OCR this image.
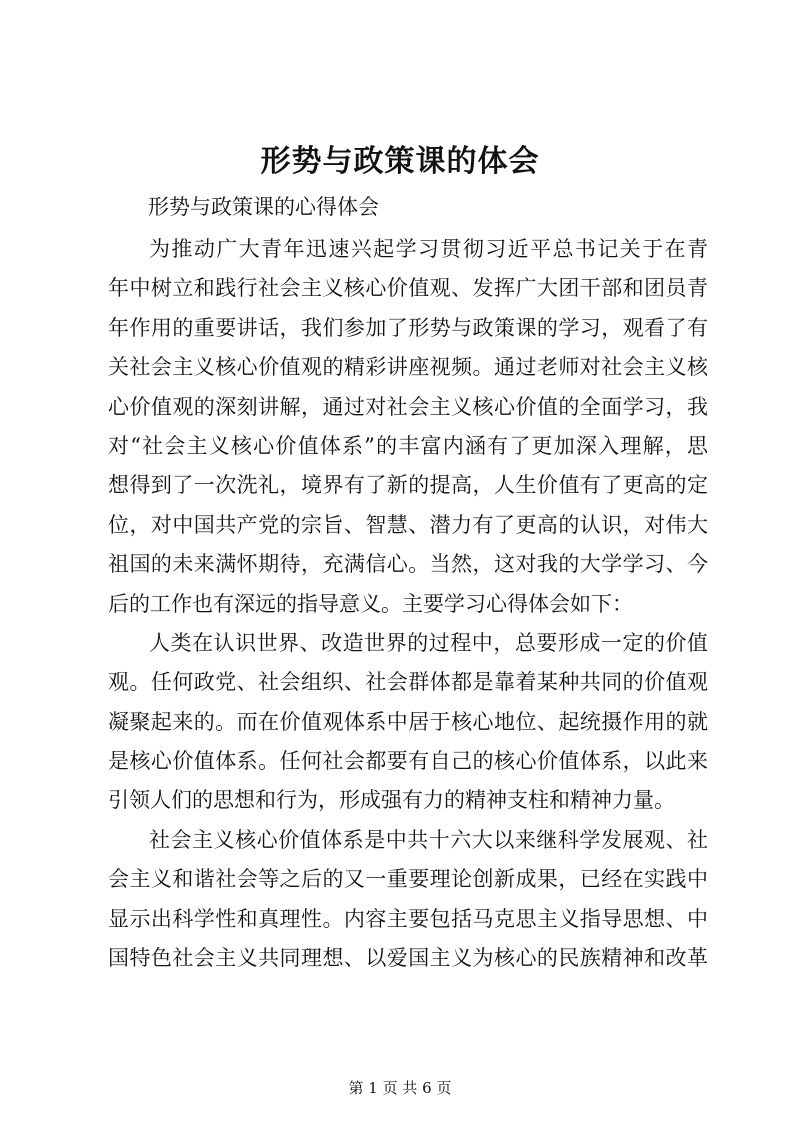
形势与政策课的体会
形势与政策课的心得体会
为推动广大青年迅速兴起学习贯彻习近平总书记关于在青
年中树立和践行社会主义核心价值观、发挥广大团干部和团员青
年作用的重要讲话，我们参加了形势与政策课的学习，观看了有
关社会主义核心价值观的精彩讲座视频。通过老师对社会主义核
心价值观的深刻讲解，通过对社会主义核心价值的全面学习，我
对“社会主义核心价值体系”的丰富内涵有了更加深入理解，思
想得到了一次洗礼，境界有了新的提高，人生价值有了更高的定
位，对中国共产党的宗旨、智慧、潜力有了更高的认识，对伟大
祖国的未来满怀期待，充满信心。当然，这对我的大学学习、今
后的工作也有深远的指导意义。主要学习心得体会如下：
人类在认识世界、改造世界的过程中，总要形成一定的价值
观。任何政党、社会组织、社会群体都是靠着某种共同的价值观
凝聚起来的。而在价值观体系中居于核心地位、起统摄作用的就
是核心价值体系。任何社会都要有自己的核心价值体系，以此来
引领人们的思想和行为，形成强有力的精神支柱和精神力量。
社会主义核心价值体系是中共十六大以来继科学发展观、社
会主义和谐社会等之后的又一重要理论创新成果，已经在实践中
显示出科学性和真理性。内容主要包括马克思主义指导思想、中
国特色社会主义共同理想、以爱国主义为核心的民族精神和改革
第 1 页 共 6 页
